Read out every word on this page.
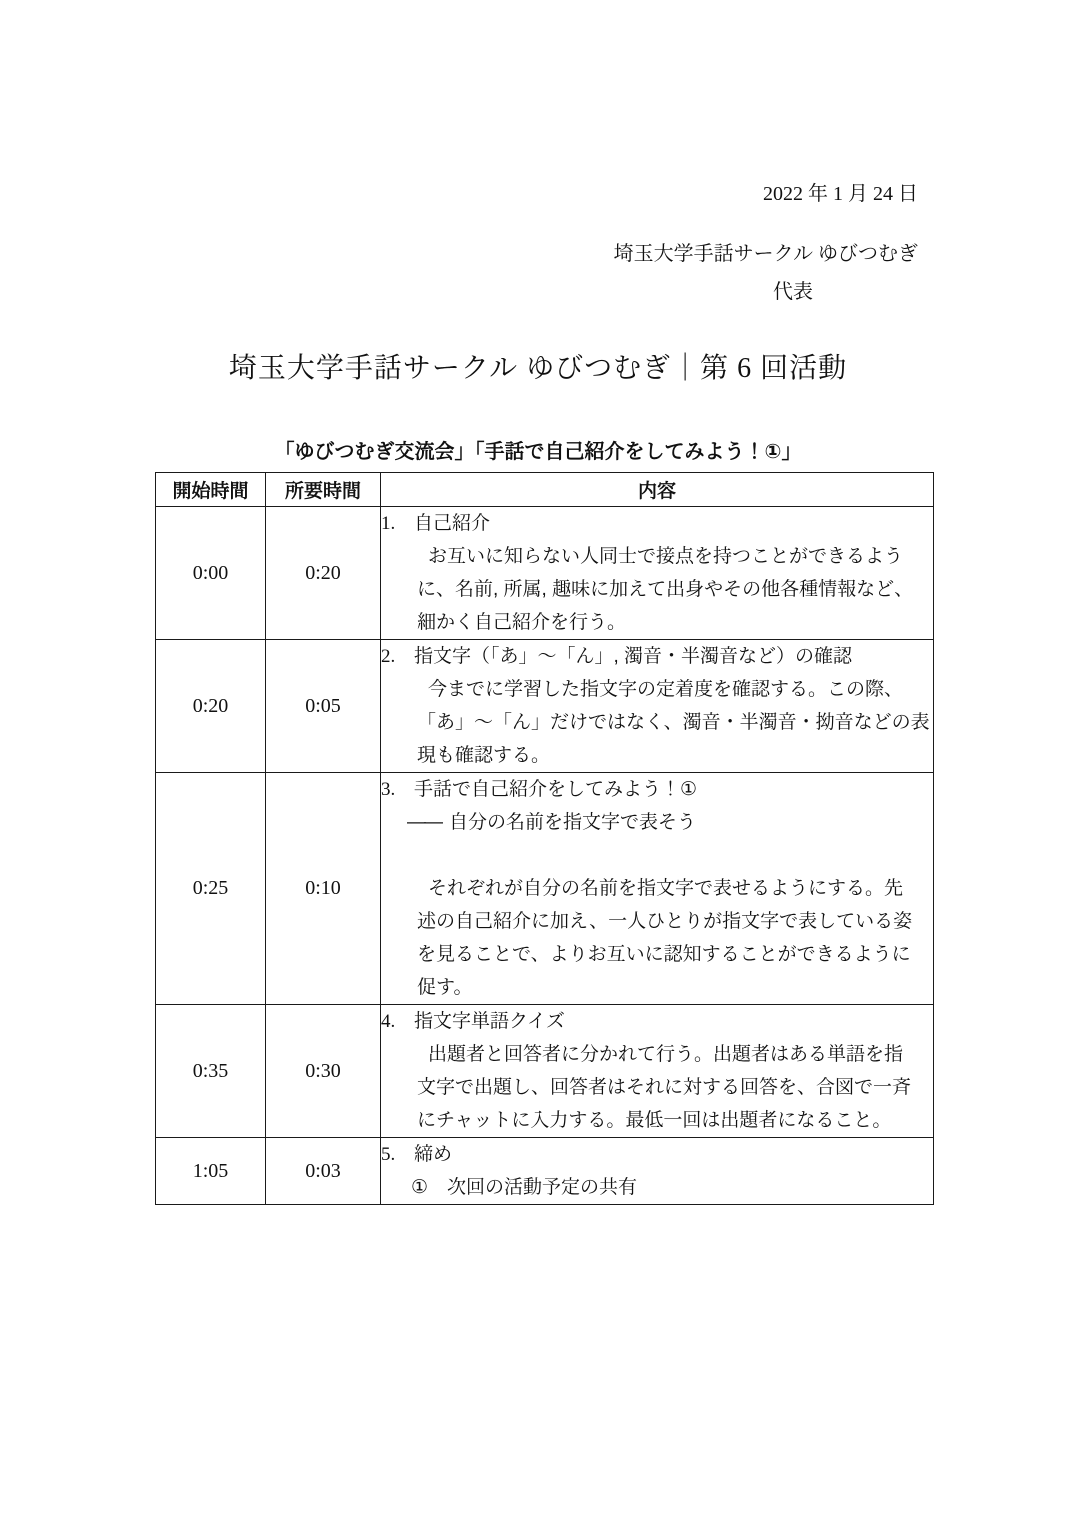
2022 年 1 月 24 日
埼玉大学手話サークル ゆびつむぎ
代表
埼玉大学手話サークル ゆびつむぎ｜第 6 回活動
「ゆびつむぎ交流会」「手話で自己紹介をしてみよう！①」
開始時間	所要時間	内容
0:00	0:20	1. 自己紹介
お互いに知らない人同士で接点を持つことができるよう
に、名前, 所属, 趣味に加えて出身やその他各種情報など、
細かく自己紹介を行う。

0:20	0:05	2. 指文字（「あ」～「ん」, 濁音・半濁音など）の確認
今までに学習した指文字の定着度を確認する。この際、
「あ」～「ん」だけではなく、濁音・半濁音・拗音などの表
現も確認する。

0:25	0:10	
3. 手話で自己紹介をしてみよう！①
—— 自分の名前を指文字で表そう
それぞれが自分の名前を指文字で表せるようにする。先
述の自己紹介に加え、一人ひとりが指文字で表している姿
を見ることで、よりお互いに認知することができるように
促す。

0:35	0:30	4. 指文字単語クイズ
出題者と回答者に分かれて行う。出題者はある単語を指
文字で出題し、回答者はそれに対する回答を、合図で一斉
にチャットに入力する。最低一回は出題者になること。

1:05	0:03	5. 締め
①　次回の活動予定の共有
